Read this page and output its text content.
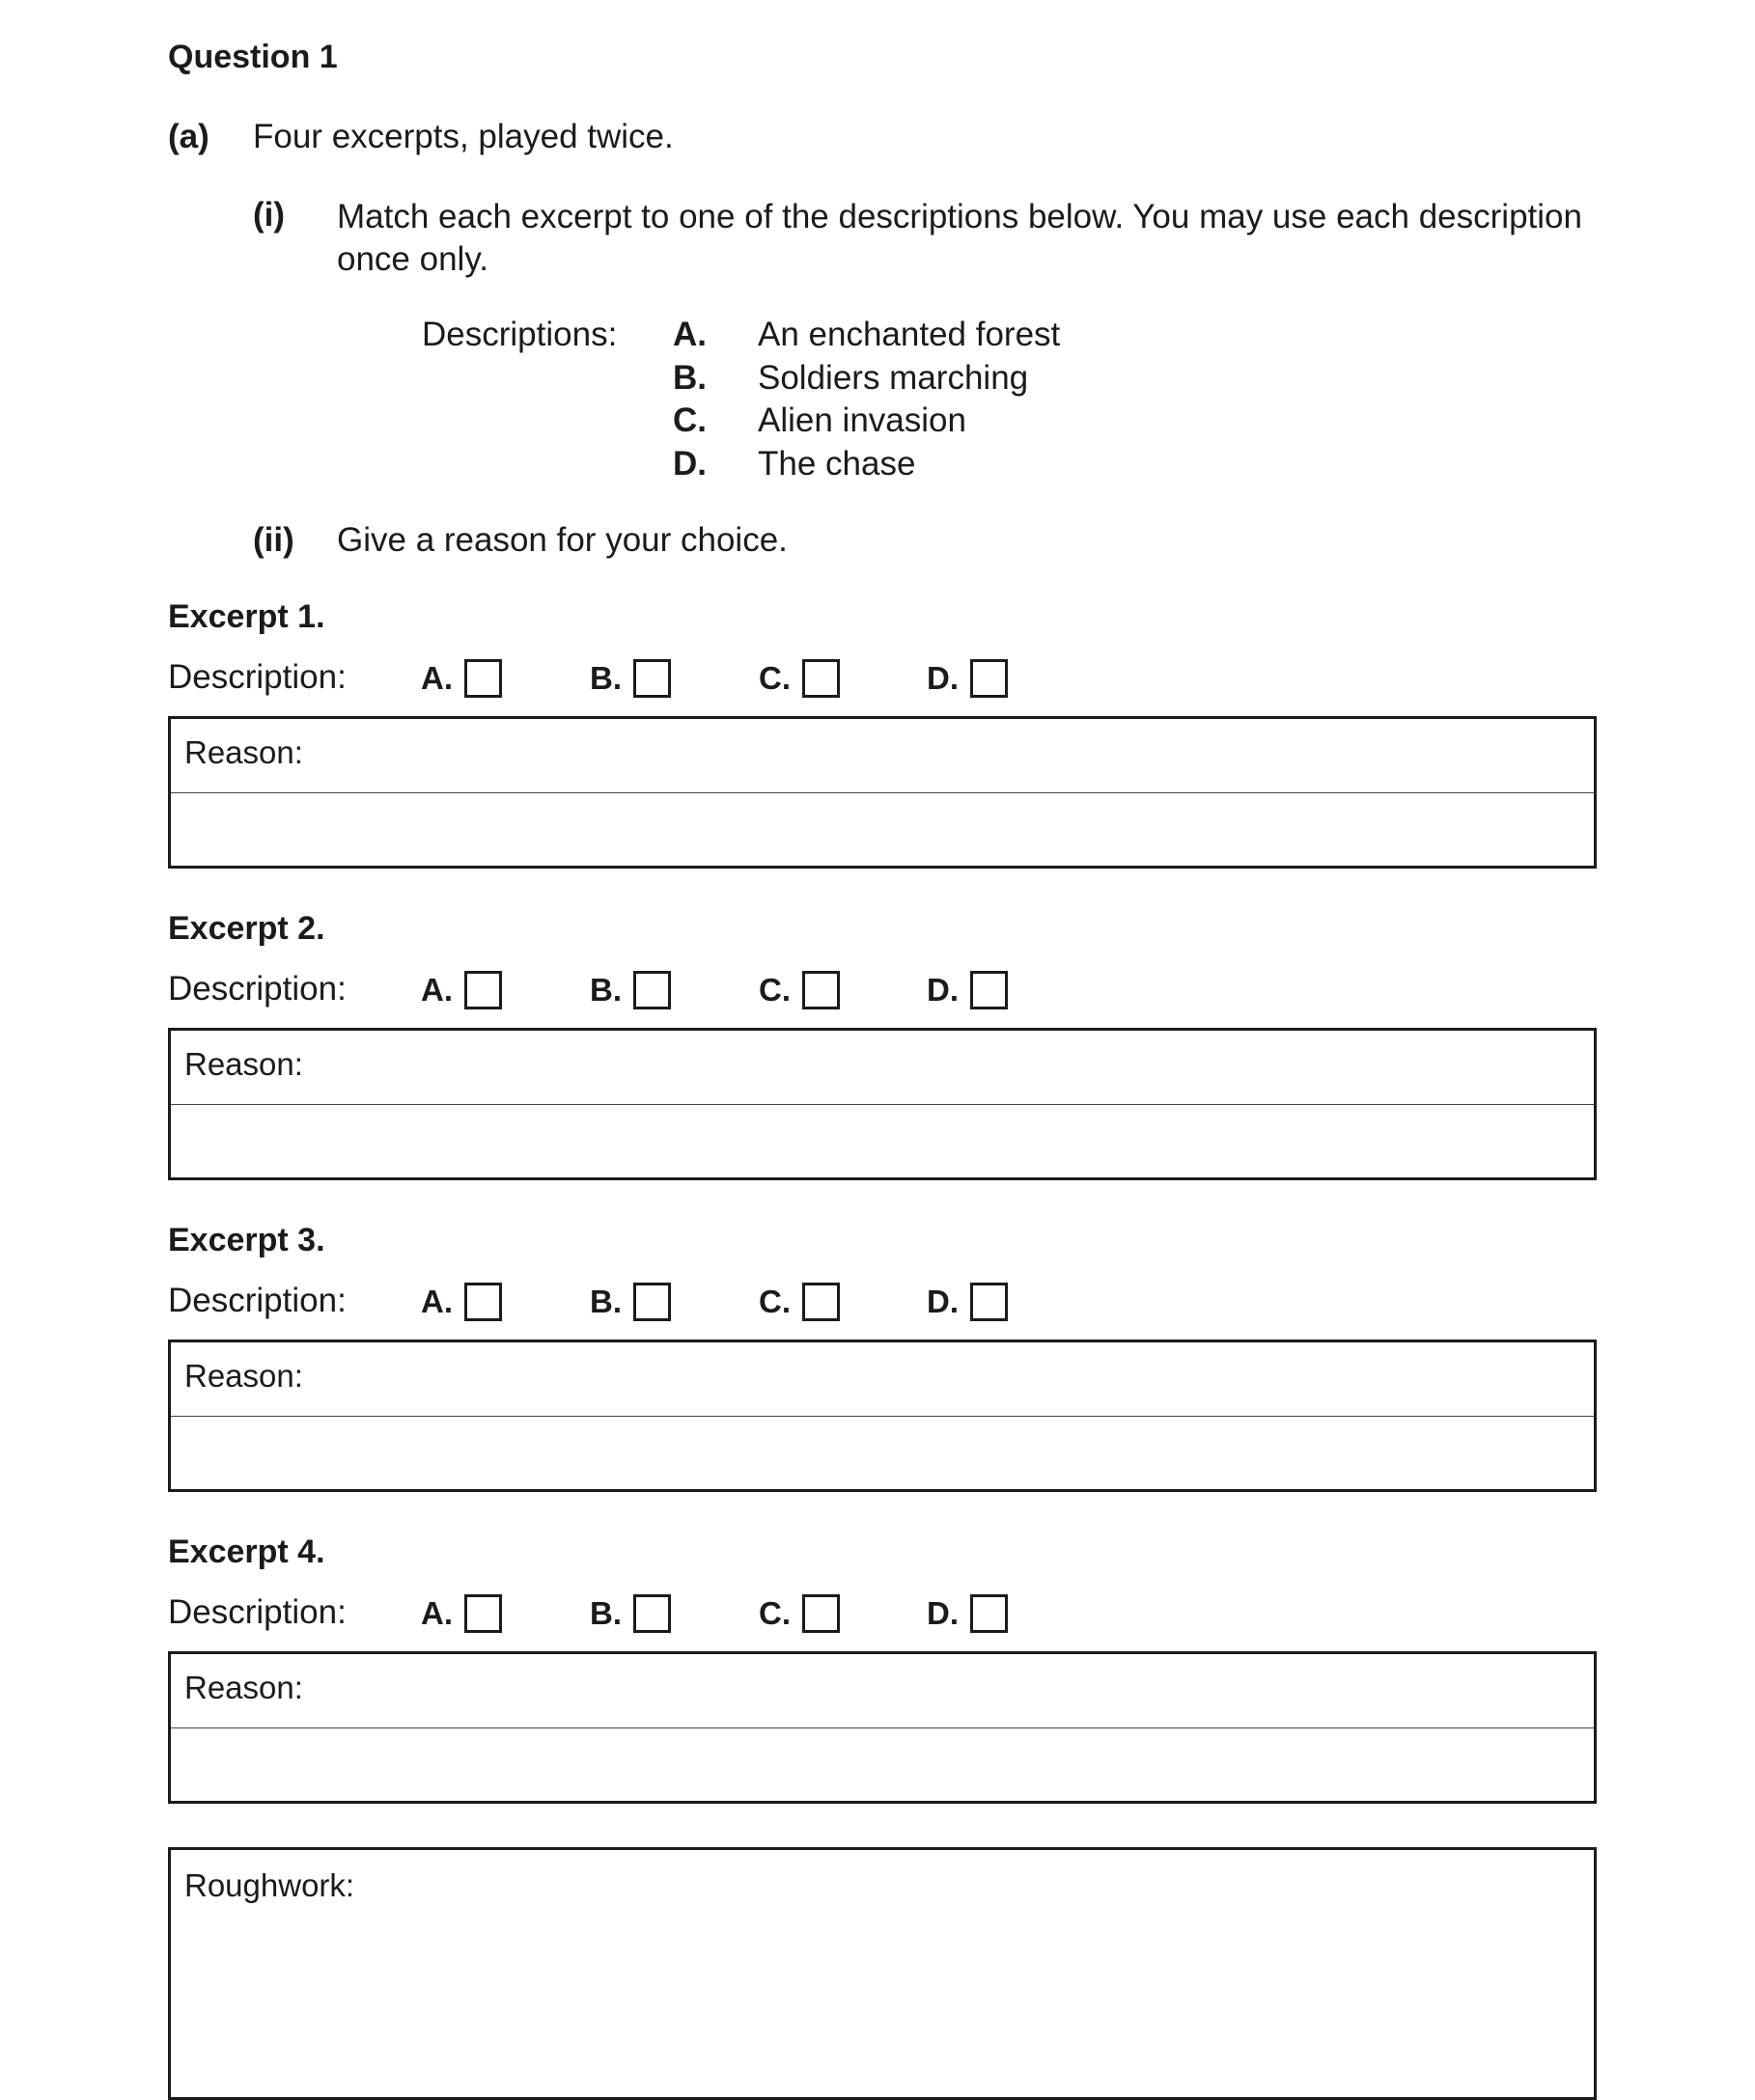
Question 1
(a) Four excerpts, played twice.
(i) Match each excerpt to one of the descriptions below. You may use each description once only.
Descriptions: A.	An enchanted forest
B.	Soldiers marching
C.	Alien invasion
D.	The chase
(ii) Give a reason for your choice.
Excerpt 1.
Description: A.	B.	C.	D.
Reason:
Excerpt 2.
Description: A.	B.	C.	D.
Reason:
Excerpt 3.
Description: A.	B.	C.	D.
Reason:
Excerpt 4.
Description: A.	B.	C.	D.
Reason:
Roughwork:
